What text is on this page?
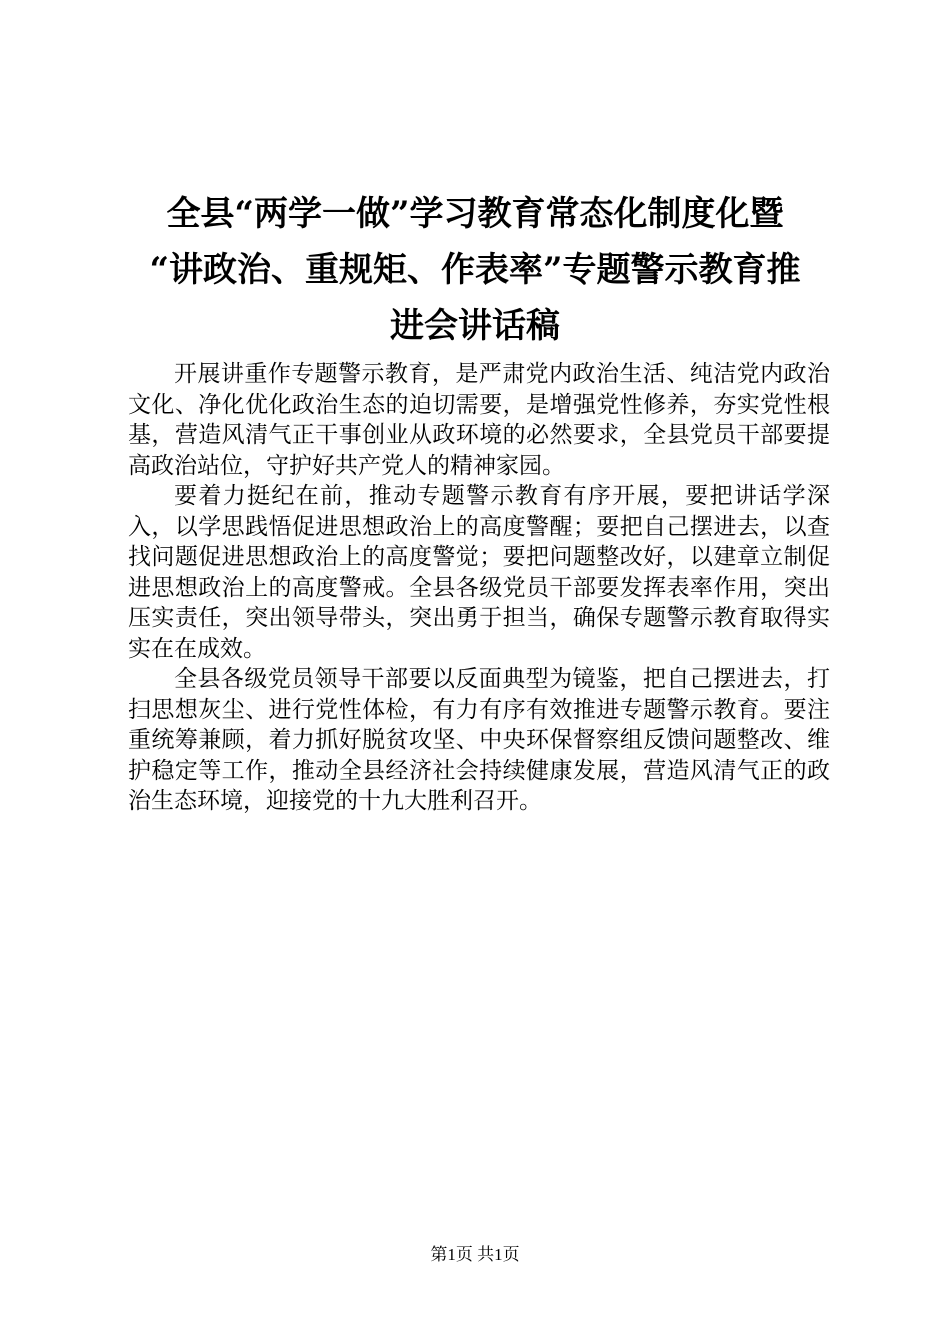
全县“两学一做”学习教育常态化制度化暨
“讲政治、重规矩、作表率”专题警示教育推
进会讲话稿

开展讲重作专题警示教育，是严肃党内政治生活、纯洁党内政治文化、净化优化政治生态的迫切需要，是增强党性修养，夯实党性根基，营造风清气正干事创业从政环境的必然要求，全县党员干部要提高政治站位，守护好共产党人的精神家园。

要着力挺纪在前，推动专题警示教育有序开展，要把讲话学深入，以学思践悟促进思想政治上的高度警醒；要把自己摆进去，以查找问题促进思想政治上的高度警觉；要把问题整改好，以建章立制促进思想政治上的高度警戒。全县各级党员干部要发挥表率作用，突出压实责任，突出领导带头，突出勇于担当，确保专题警示教育取得实实在在成效。

全县各级党员领导干部要以反面典型为镜鉴，把自己摆进去，打扫思想灰尘、进行党性体检，有力有序有效推进专题警示教育。要注重统筹兼顾，着力抓好脱贫攻坚、中央环保督察组反馈问题整改、维护稳定等工作，推动全县经济社会持续健康发展，营造风清气正的政治生态环境，迎接党的十九大胜利召开。

第1页 共1页
